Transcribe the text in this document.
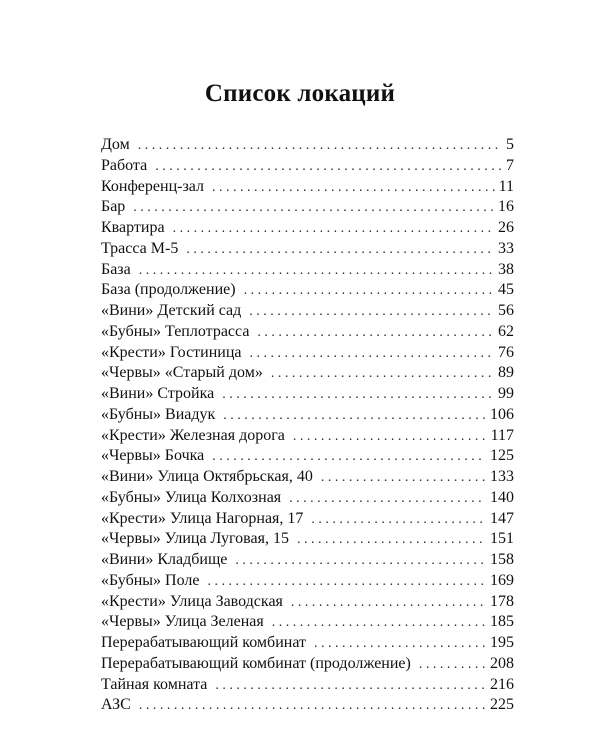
Список локаций
Дом . . .	5
Работа . . .	7
Конференц-зал . . .	11
Бар . . .	16
Квартира . . .	26
Трасса М-5 . . .	33
База . . .	38
База (продолжение) . . .	45
«Вини» Детский сад . . .	56
«Бубны» Теплотрасса . . .	62
«Крести» Гостиница . . .	76
«Червы» «Старый дом» . . .	89
«Вини» Стройка . . .	99
«Бубны» Виадук . . .	106
«Крести» Железная дорога . . .	117
«Червы» Бочка . . .	125
«Вини» Улица Октябрьская, 40 . . .	133
«Бубны» Улица Колхозная . . .	140
«Крести» Улица Нагорная, 17 . . .	147
«Червы» Улица Луговая, 15 . . .	151
«Вини» Кладбище . . .	158
«Бубны» Поле . . .	169
«Крести» Улица Заводская . . .	178
«Червы» Улица Зеленая . . .	185
Перерабатывающий комбинат . . .	195
Перерабатывающий комбинат (продолжение) . . .	208
Тайная комната . . .	216
АЗС . . .	225
